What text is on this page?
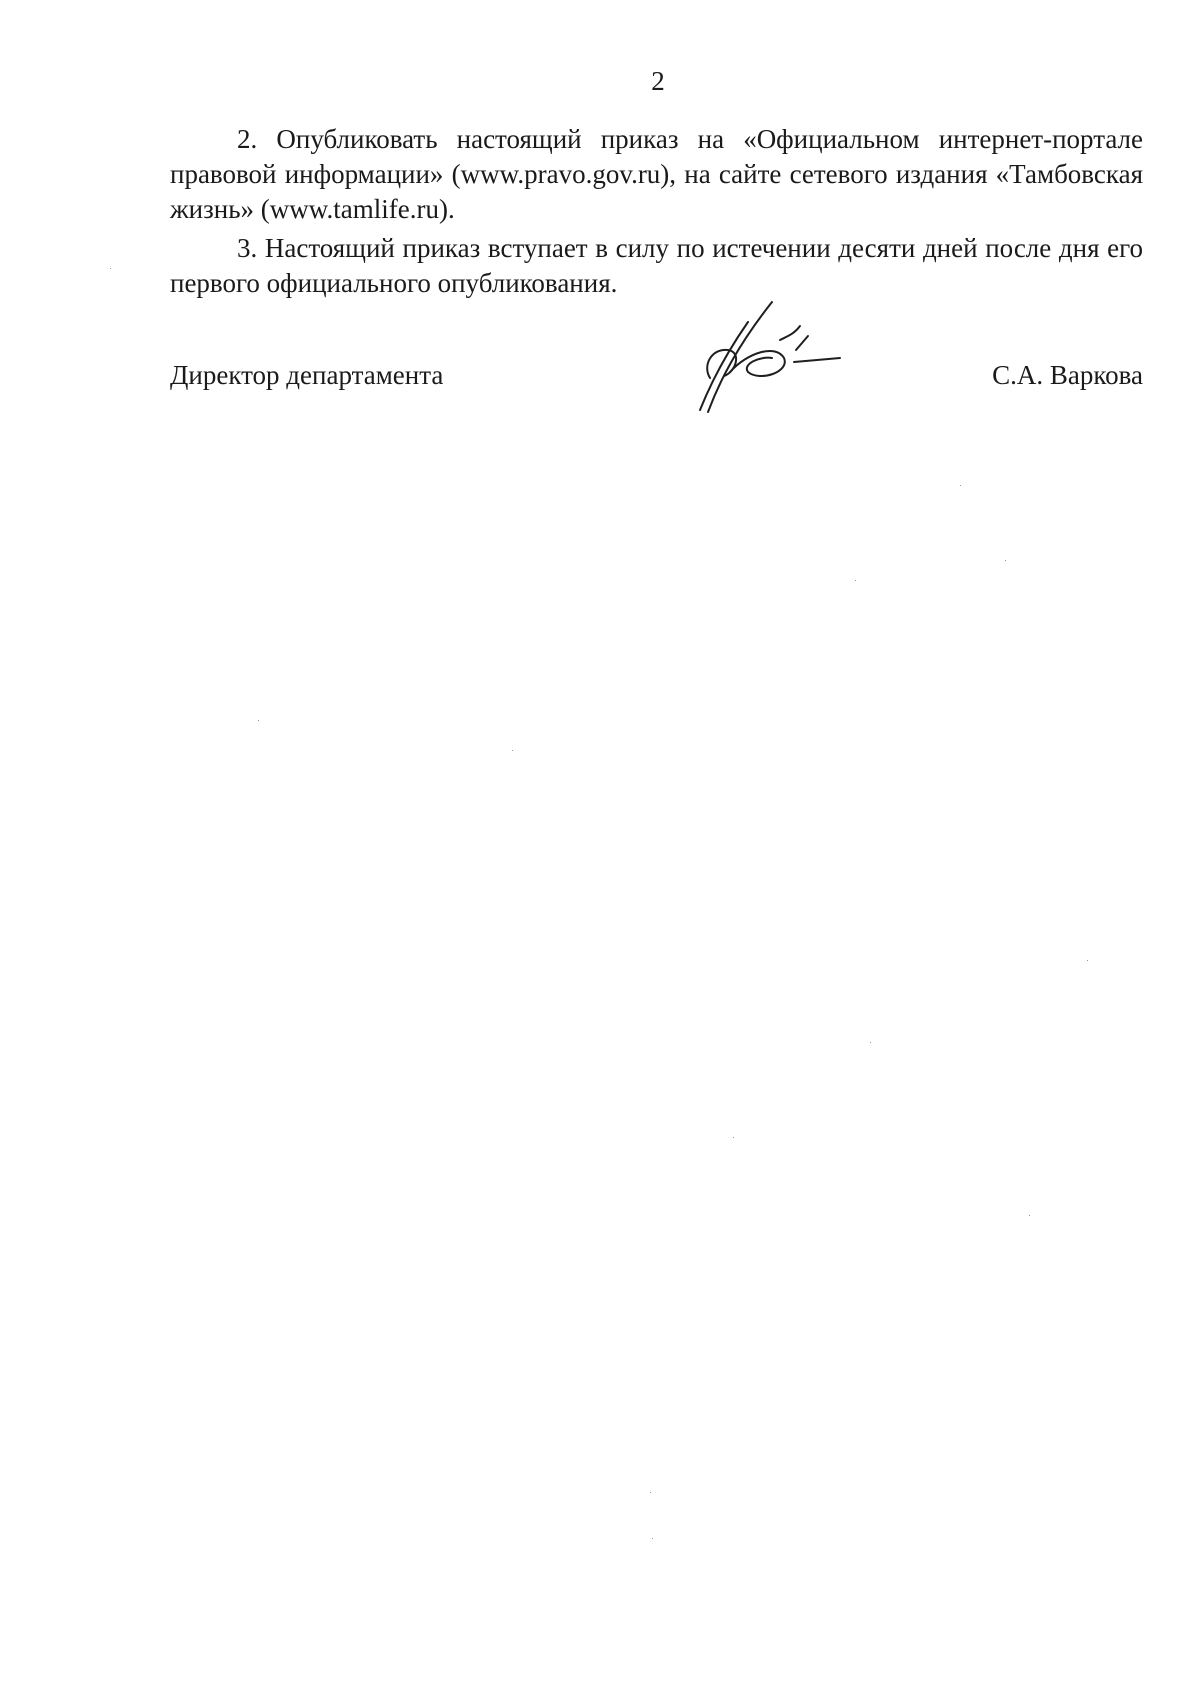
2

2. Опубликовать настоящий приказ на «Официальном интернет-портале правовой информации» (www.pravo.gov.ru), на сайте сетевого издания «Тамбовская жизнь» (www.tamlife.ru).

3. Настоящий приказ вступает в силу по истечении десяти дней после дня его первого официального опубликования.

Директор департамента	С.А. Варкова
